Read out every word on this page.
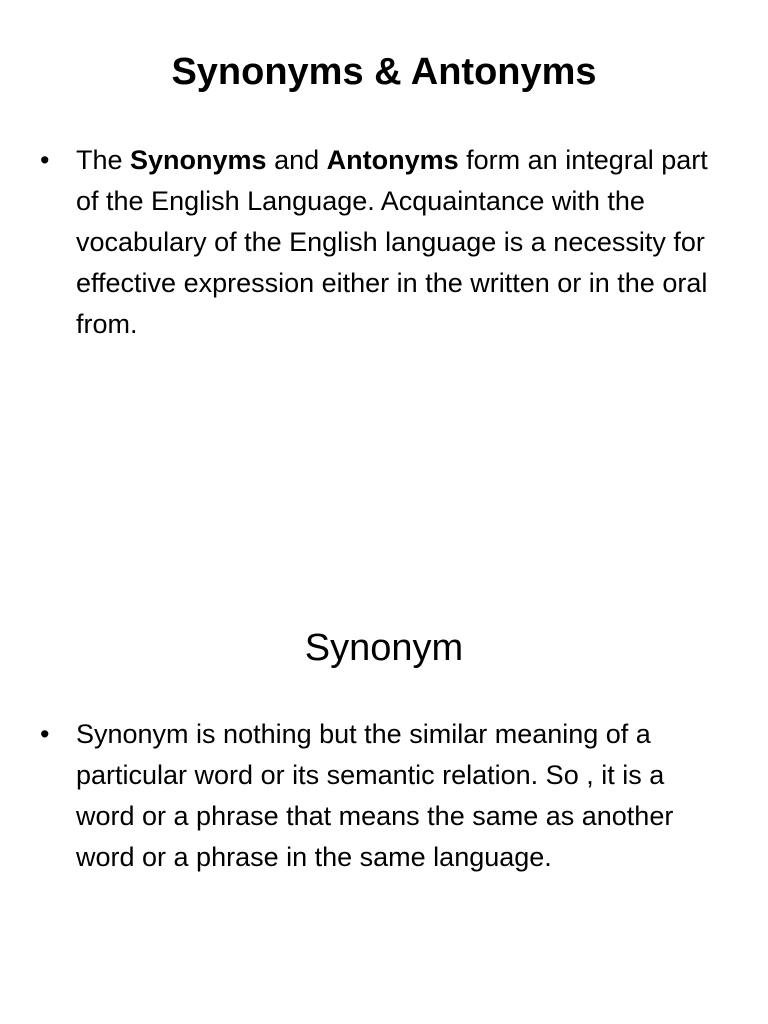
Synonyms & Antonyms
• The Synonyms and Antonyms form an integral part of the English Language. Acquaintance with the vocabulary of the English language is a necessity for effective expression either in the written or in the oral from.
Synonym
• Synonym is nothing but the similar meaning of a particular word or its semantic relation. So , it is a word or a phrase that means the same as another word or a phrase in the same language.
